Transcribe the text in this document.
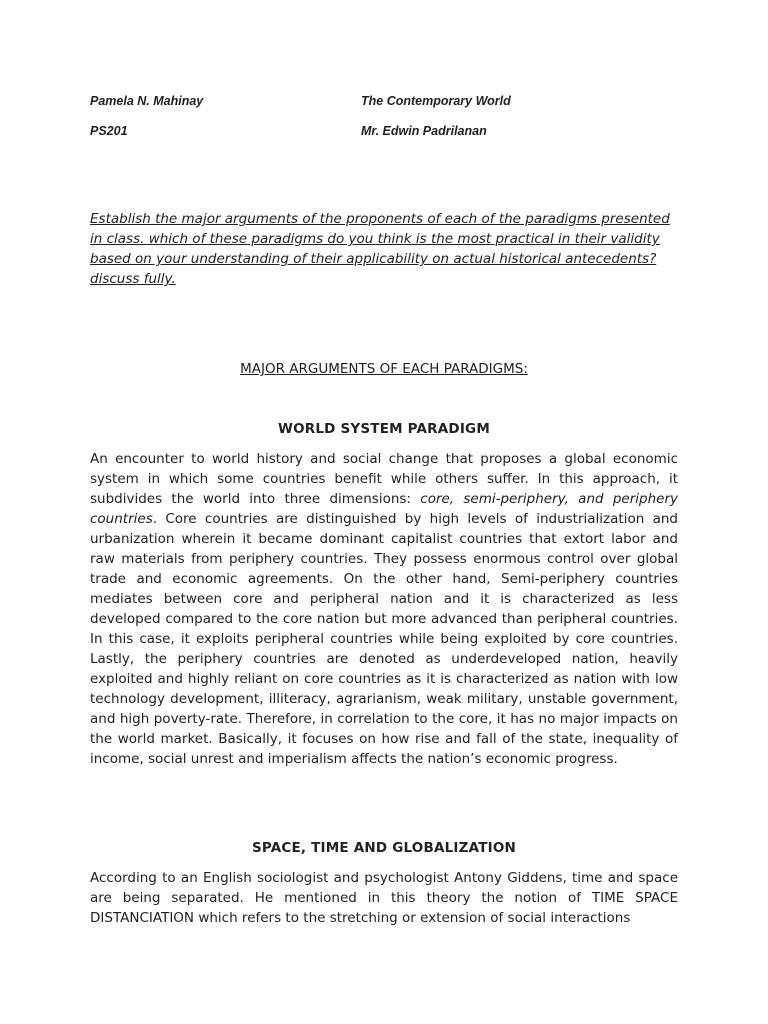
Pamela N. Mahinay	The Contemporary World
PS201	Mr. Edwin Padrilanan
Establish the major arguments of the proponents of each of the paradigms presented in class. which of these paradigms do you think is the most practical in their validity based on your understanding of their applicability on actual historical antecedents? discuss fully.
MAJOR ARGUMENTS OF EACH PARADIGMS:
WORLD SYSTEM PARADIGM

An encounter to world history and social change that proposes a global economic system in which some countries benefit while others suffer. In this approach, it subdivides the world into three dimensions: core, semi-periphery, and periphery countries. Core countries are distinguished by high levels of industrialization and urbanization wherein it became dominant capitalist countries that extort labor and raw materials from periphery countries. They possess enormous control over global trade and economic agreements. On the other hand, Semi-periphery countries mediates between core and peripheral nation and it is characterized as less developed compared to the core nation but more advanced than peripheral countries. In this case, it exploits peripheral countries while being exploited by core countries. Lastly, the periphery countries are denoted as underdeveloped nation, heavily exploited and highly reliant on core countries as it is characterized as nation with low technology development, illiteracy, agrarianism, weak military, unstable government, and high poverty-rate. Therefore, in correlation to the core, it has no major impacts on the world market. Basically, it focuses on how rise and fall of the state, inequality of income, social unrest and imperialism affects the nation’s economic progress.

SPACE, TIME AND GLOBALIZATION

According to an English sociologist and psychologist Antony Giddens, time and space are being separated. He mentioned in this theory the notion of TIME SPACE DISTANCIATION which refers to the stretching or extension of social interactions
